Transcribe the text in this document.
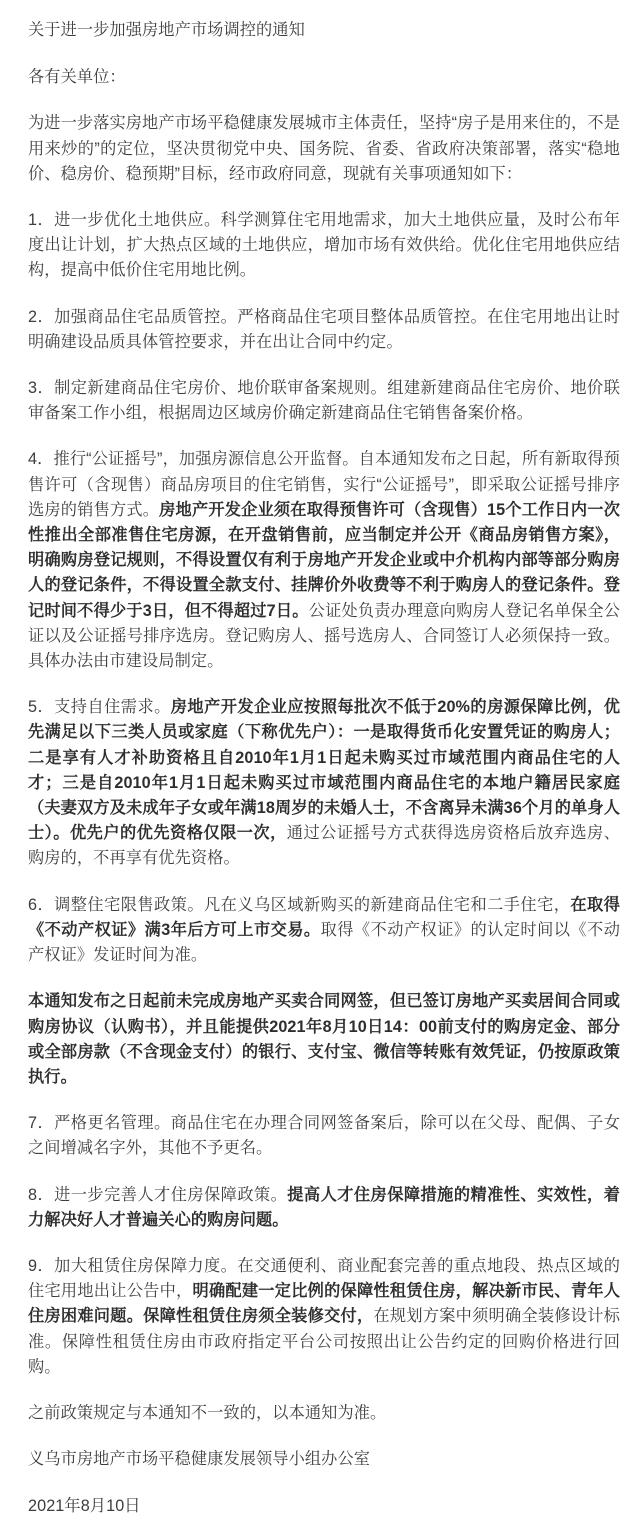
关于进一步加强房地产市场调控的通知

各有关单位：

为进一步落实房地产市场平稳健康发展城市主体责任，坚持“房子是用来住的，不是用来炒的”的定位，坚决贯彻党中央、国务院、省委、省政府决策部署，落实“稳地价、稳房价、稳预期”目标，经市政府同意，现就有关事项通知如下：

1．进一步优化土地供应。科学测算住宅用地需求，加大土地供应量，及时公布年度出让计划，扩大热点区域的土地供应，增加市场有效供给。优化住宅用地供应结构，提高中低价住宅用地比例。

2．加强商品住宅品质管控。严格商品住宅项目整体品质管控。在住宅用地出让时明确建设品质具体管控要求，并在出让合同中约定。

3．制定新建商品住宅房价、地价联审备案规则。组建新建商品住宅房价、地价联审备案工作小组，根据周边区域房价确定新建商品住宅销售备案价格。

4．推行“公证摇号”，加强房源信息公开监督。自本通知发布之日起，所有新取得预售许可（含现售）商品房项目的住宅销售，实行“公证摇号”，即采取公证摇号排序选房的销售方式。房地产开发企业须在取得预售许可（含现售）15个工作日内一次性推出全部准售住宅房源，在开盘销售前，应当制定并公开《商品房销售方案》，明确购房登记规则，不得设置仅有利于房地产开发企业或中介机构内部等部分购房人的登记条件，不得设置全款支付、挂牌价外收费等不利于购房人的登记条件。登记时间不得少于3日，但不得超过7日。公证处负责办理意向购房人登记名单保全公证以及公证摇号排序选房。登记购房人、摇号选房人、合同签订人必须保持一致。具体办法由市建设局制定。

5．支持自住需求。房地产开发企业应按照每批次不低于20%的房源保障比例，优先满足以下三类人员或家庭（下称优先户）：一是取得货币化安置凭证的购房人；二是享有人才补助资格且自2010年1月1日起未购买过市域范围内商品住宅的人才；三是自2010年1月1日起未购买过市域范围内商品住宅的本地户籍居民家庭（夫妻双方及未成年子女或年满18周岁的未婚人士，不含离异未满36个月的单身人士）。优先户的优先资格仅限一次，通过公证摇号方式获得选房资格后放弃选房、购房的，不再享有优先资格。

6．调整住宅限售政策。凡在义乌区域新购买的新建商品住宅和二手住宅，在取得《不动产权证》满3年后方可上市交易。取得《不动产权证》的认定时间以《不动产权证》发证时间为准。

本通知发布之日起前未完成房地产买卖合同网签，但已签订房地产买卖居间合同或购房协议（认购书），并且能提供2021年8月10日14：00前支付的购房定金、部分或全部房款（不含现金支付）的银行、支付宝、微信等转账有效凭证，仍按原政策执行。

7．严格更名管理。商品住宅在办理合同网签备案后，除可以在父母、配偶、子女之间增减名字外，其他不予更名。

8．进一步完善人才住房保障政策。提高人才住房保障措施的精准性、实效性，着力解决好人才普遍关心的购房问题。

9．加大租赁住房保障力度。在交通便利、商业配套完善的重点地段、热点区域的住宅用地出让公告中，明确配建一定比例的保障性租赁住房，解决新市民、青年人住房困难问题。保障性租赁住房须全装修交付，在规划方案中须明确全装修设计标准。保障性租赁住房由市政府指定平台公司按照出让公告约定的回购价格进行回购。

之前政策规定与本通知不一致的，以本通知为准。

义乌市房地产市场平稳健康发展领导小组办公室

2021年8月10日
